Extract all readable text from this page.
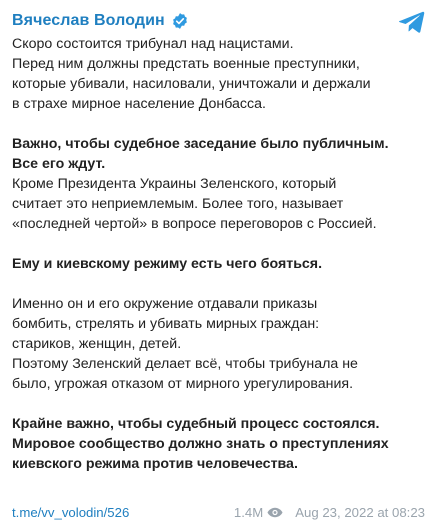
Вячеслав Володин

Скоро состоится трибунал над нацистами.
Перед ним должны предстать военные преступники,
которые убивали, насиловали, уничтожали и держали
в страхе мирное население Донбасса.

Важно, чтобы судебное заседание было публичным.
Все его ждут.

Кроме Президента Украины Зеленского, который
считает это неприемлемым. Более того, называет
«последней чертой» в вопросе переговоров с Россией.

Ему и киевскому режиму есть чего бояться.

Именно он и его окружение отдавали приказы
бомбить, стрелять и убивать мирных граждан:
стариков, женщин, детей.
Поэтому Зеленский делает всё, чтобы трибунала не
было, угрожая отказом от мирного урегулирования.

Крайне важно, чтобы судебный процесс состоялся.
Мировое сообщество должно знать о преступлениях
киевского режима против человечества.

t.me/vv_volodin/526	1.4M Aug 23, 2022 at 08:23
